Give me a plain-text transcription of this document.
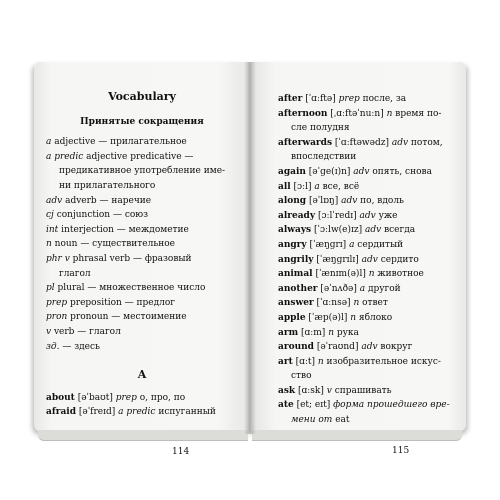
Vocabulary
Принятые сокращения
a adjective — прилагательное
a predic adjective predicative —
предикативное употребление име-
ни прилагательного
adv adverb — наречие
cj conjunction — союз
int interjection — междометие
n noun — существительное
phr v phrasal verb — фразовый
глагол
pl plural — множественное число
prep preposition — предлог
pron pronoun — местоимение
v verb — глагол
зд. — здесь
A
about [əˈbaʊt] prep о, про, по
afraid [əˈfreɪd] a predic испуганный
after [ˈɑːftə] prep после, за
afternoon [ˌɑːftəˈnuːn] n время по-
сле полудня
afterwards [ˈɑːftəwədz] adv потом,
впоследствии
again [əˈge(ɪ)n] adv опять, снова
all [ɔːl] a все, всё
along [əˈlɒŋ] adv по, вдоль
already [ɔːlˈredɪ] adv уже
always [ˈɔːlw(e)ɪz] adv всегда
angry [ˈæŋgrɪ] a сердитый
angrily [ˈæŋgrɪlɪ] adv сердито
animal [ˈænɪm(ə)l] n животное
another [əˈnʌðə] a другой
answer [ˈɑːnsə] n ответ
apple [ˈæp(ə)l] n яблоко
arm [ɑːm] n рука
around [əˈraʊnd] adv вокруг
art [ɑːt] n изобразительное искус-
ство
ask [ɑːsk] v спрашивать
ate [et; eɪt] форма прошедшего вре-
мени от eat
114	115
